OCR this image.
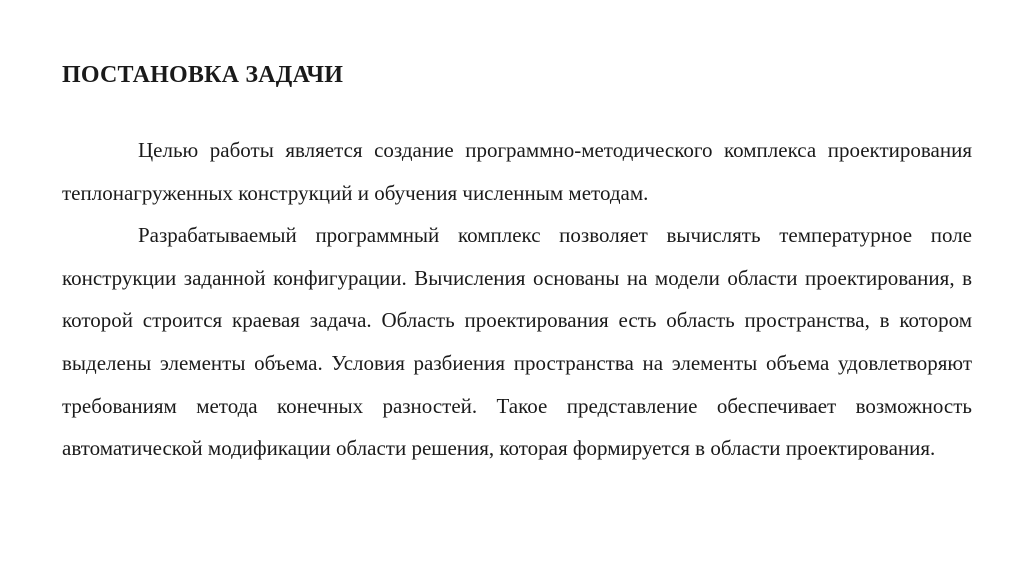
ПОСТАНОВКА ЗАДАЧИ

Целью работы является создание программно-методического комплекса проектирования теплонагруженных конструкций и обучения численным методам.

Разрабатываемый программный комплекс позволяет вычислять температурное поле конструкции заданной конфигурации. Вычисления основаны на модели области проектирования, в которой строится краевая задача. Область проектирования есть область пространства, в котором выделены элементы объема. Условия разбиения пространства на элементы объема удовлетворяют требованиям метода конечных разностей. Такое представление обеспечивает возможность автоматической модификации области решения, которая формируется в области проектирования.
